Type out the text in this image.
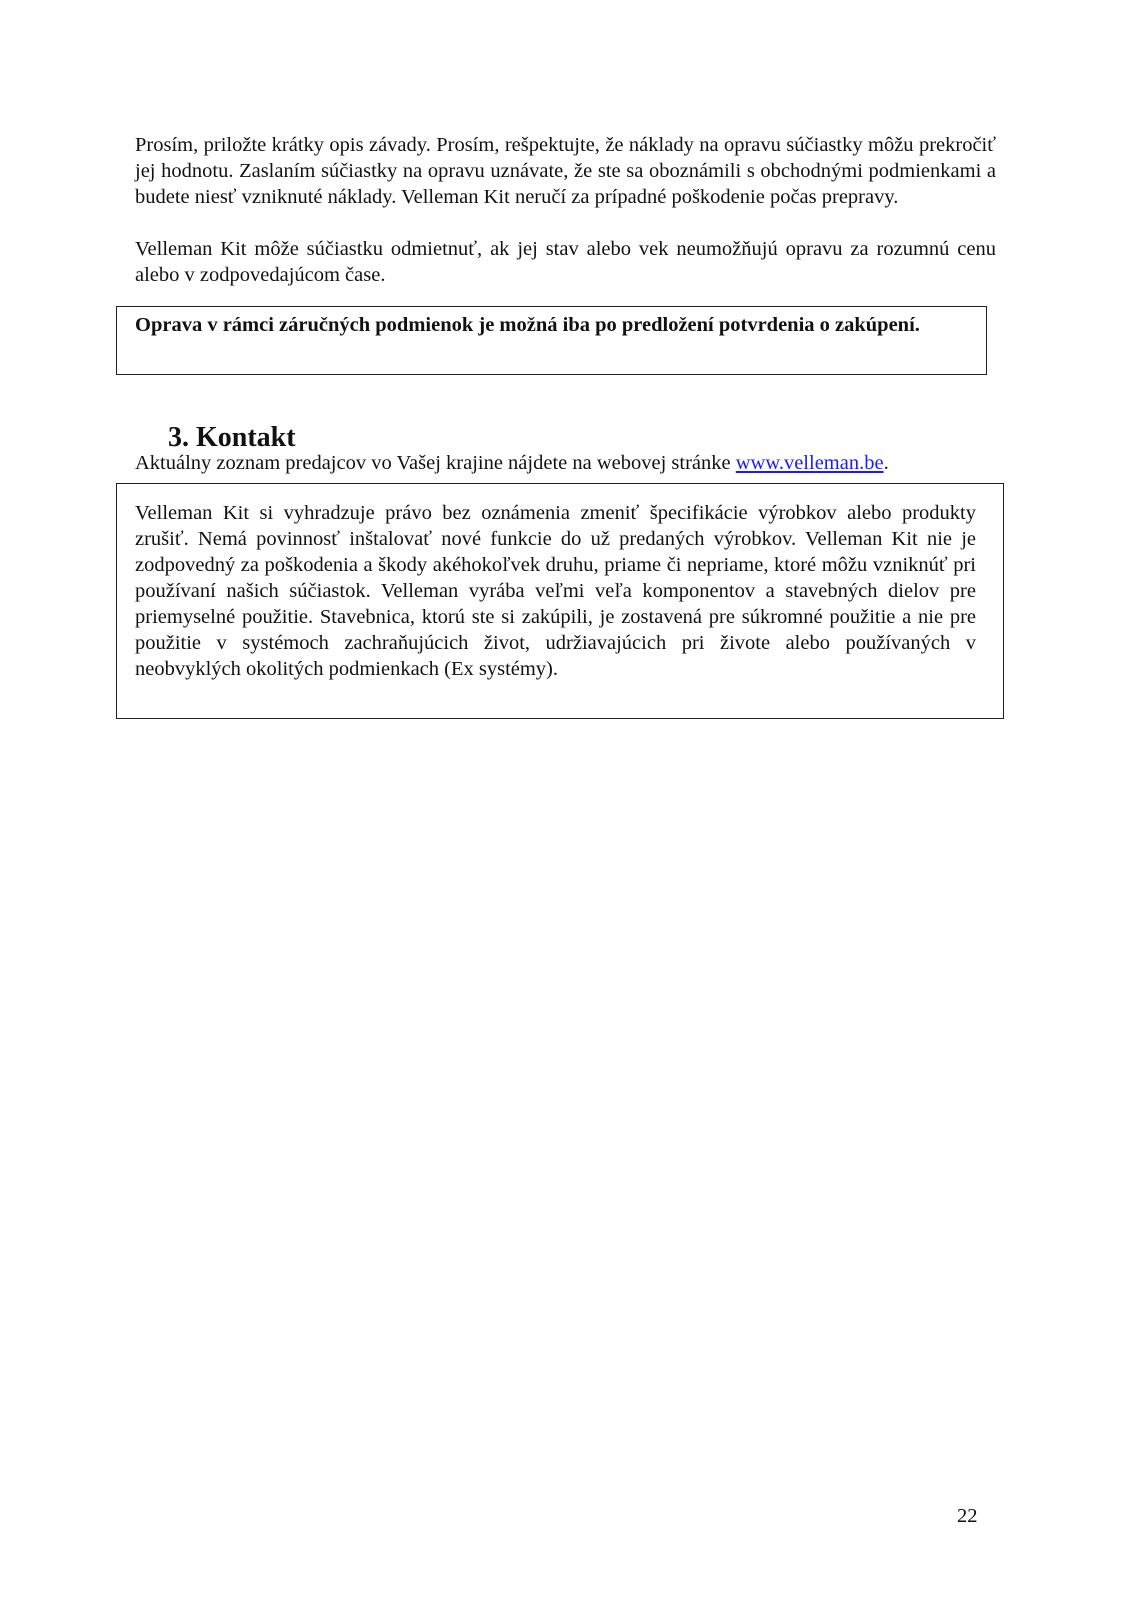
Prosím, priložte krátky opis závady. Prosím, rešpektujte, že náklady na opravu súčiastky môžu prekročiť jej hodnotu. Zaslaním súčiastky na opravu uznávate, že ste sa oboznámili s obchodnými podmienkami a budete niesť vzniknuté náklady. Velleman Kit neručí za prípadné poškodenie počas prepravy.

Velleman Kit môže súčiastku odmietnuť, ak jej stav alebo vek neumožňujú opravu za rozumnú cenu alebo v zodpovedajúcom čase.

Oprava v rámci záručných podmienok je možná iba po predložení potvrdenia o zakúpení.

3. Kontakt

Aktuálny zoznam predajcov vo Vašej krajine nájdete na webovej stránke www.velleman.be.

Velleman Kit si vyhradzuje právo bez oznámenia zmeniť špecifikácie výrobkov alebo produkty zrušiť. Nemá povinnosť inštalovať nové funkcie do už predaných výrobkov. Velleman Kit nie je zodpovedný za poškodenia a škody akéhokoľvek druhu, priame či nepriame, ktoré môžu vzniknúť pri používaní našich súčiastok. Velleman vyrába veľmi veľa komponentov a stavebných dielov pre priemyselné použitie. Stavebnica, ktorú ste si zakúpili, je zostavená pre súkromné použitie a nie pre použitie v systémoch zachraňujúcich život, udržiavajúcich pri živote alebo používaných v neobvyklých okolitých podmienkach (Ex systémy).

22
